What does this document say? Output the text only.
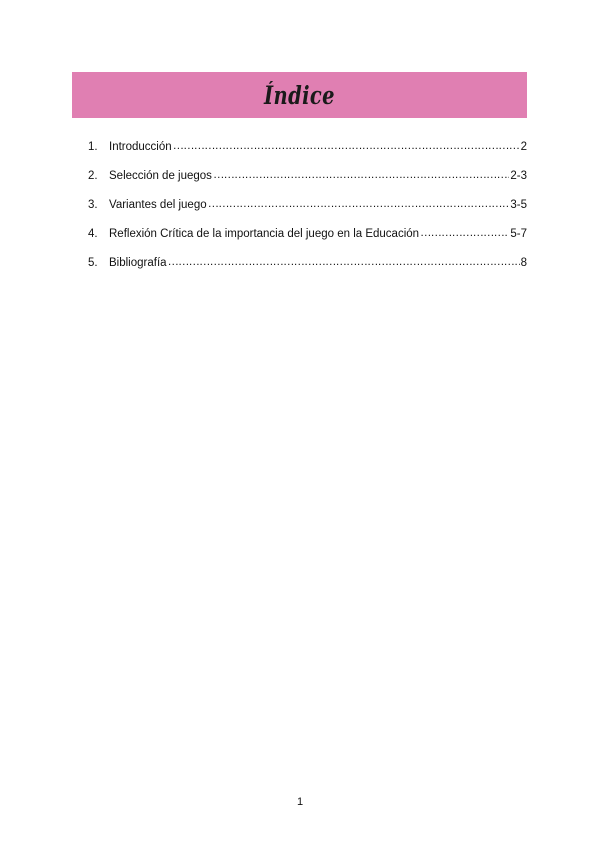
Índice
1. Introducción ………………………………………………………………………………………………………………………………………………………………	2
2. Selección de juegos ………………………………………………………………………………………………………………………………………………………………	2-3
3. Variantes del juego ………………………………………………………………………………………………………………………………………………………………	3-5
4. Reflexión Crítica de la importancia del juego en la Educación ………………………………………………………………………………………………………………………………………………………………	5-7
5. Bibliografía ………………………………………………………………………………………………………………………………………………………………	8
1
